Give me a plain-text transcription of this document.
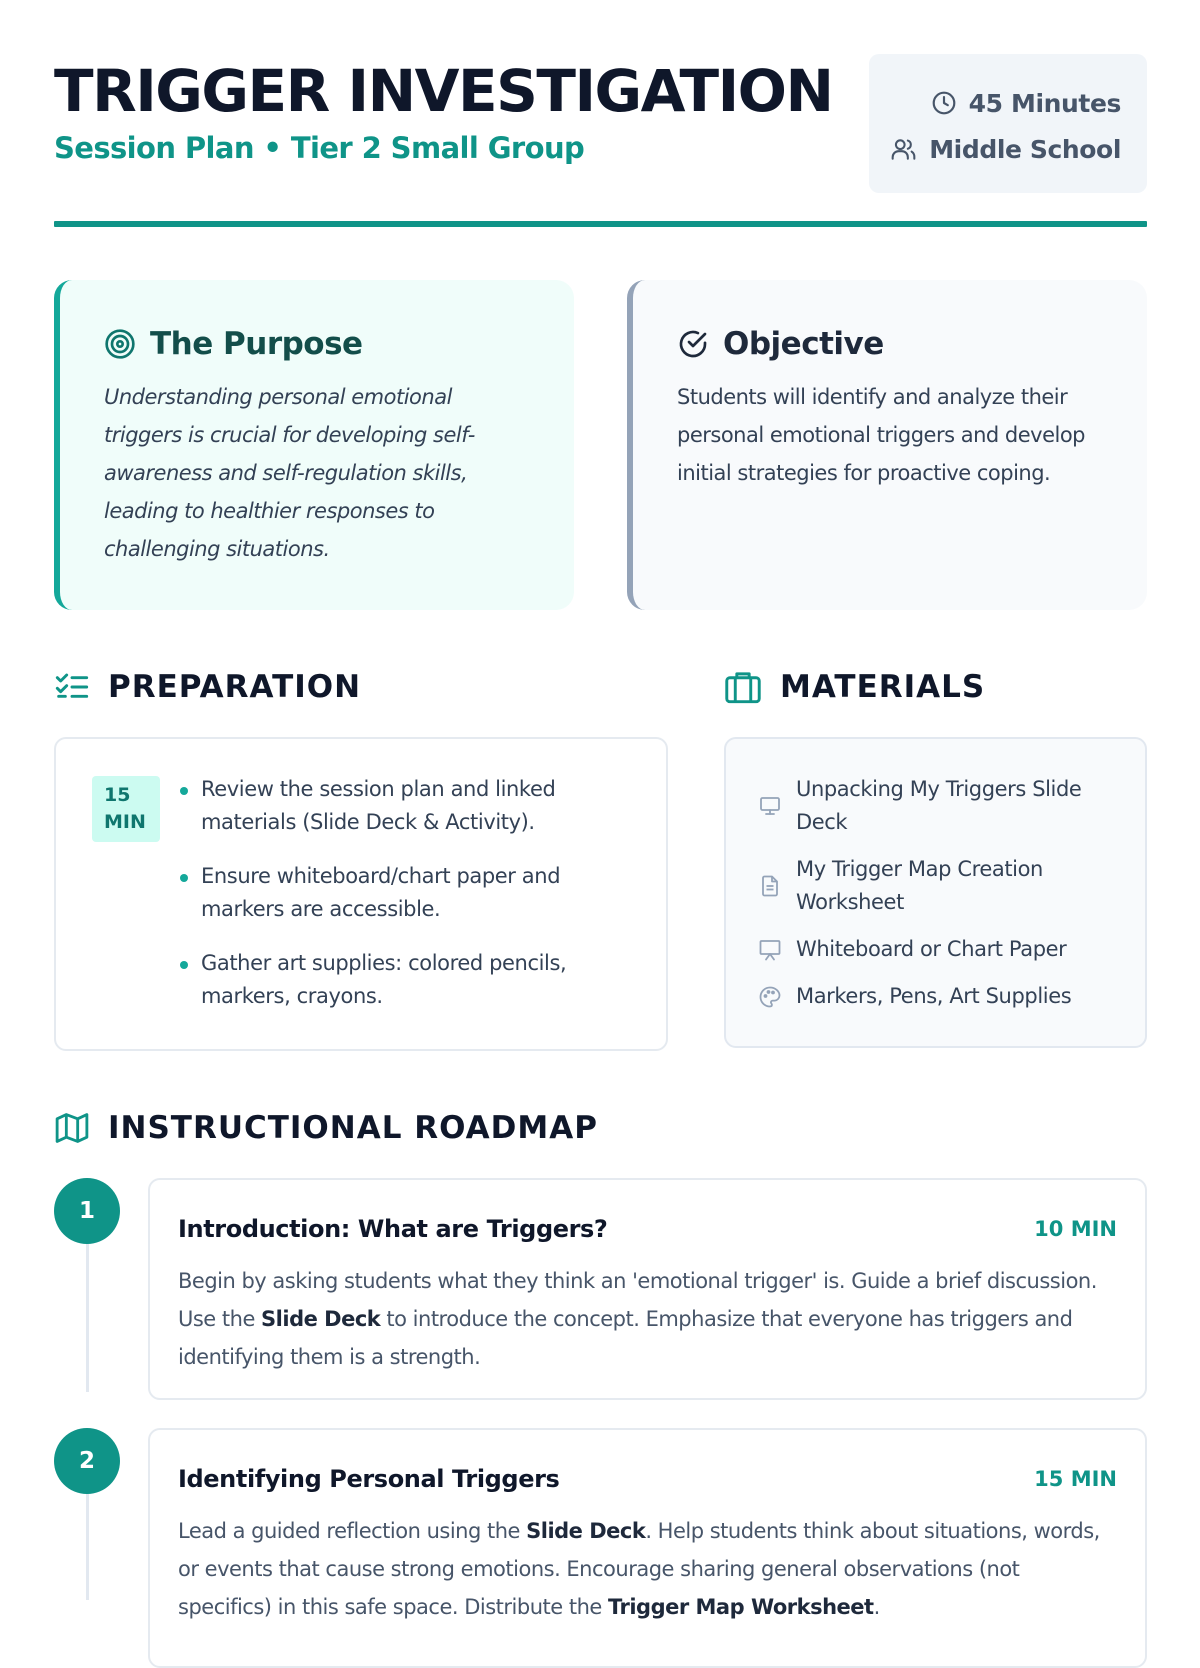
TRIGGER INVESTIGATION
Session Plan • Tier 2 Small Group
45 Minutes
Middle School
The Purpose
Understanding personal emotional triggers is crucial for developing self-awareness and self-regulation skills, leading to healthier responses to challenging situations.
Objective
Students will identify and analyze their personal emotional triggers and develop initial strategies for proactive coping.
PREPARATION	MATERIALS
15
MIN
Review the session plan and linked materials (Slide Deck & Activity).
Ensure whiteboard/chart paper and markers are accessible.
Gather art supplies: colored pencils, markers, crayons.
Unpacking My Triggers Slide Deck
My Trigger Map Creation Worksheet
Whiteboard or Chart Paper
Markers, Pens, Art Supplies
INSTRUCTIONAL ROADMAP
1
Introduction: What are Triggers?	10 MIN
Begin by asking students what they think an 'emotional trigger' is. Guide a brief discussion. Use the Slide Deck to introduce the concept. Emphasize that everyone has triggers and identifying them is a strength.
2
Identifying Personal Triggers	15 MIN
Lead a guided reflection using the Slide Deck. Help students think about situations, words, or events that cause strong emotions. Encourage sharing general observations (not specifics) in this safe space. Distribute the Trigger Map Worksheet.
